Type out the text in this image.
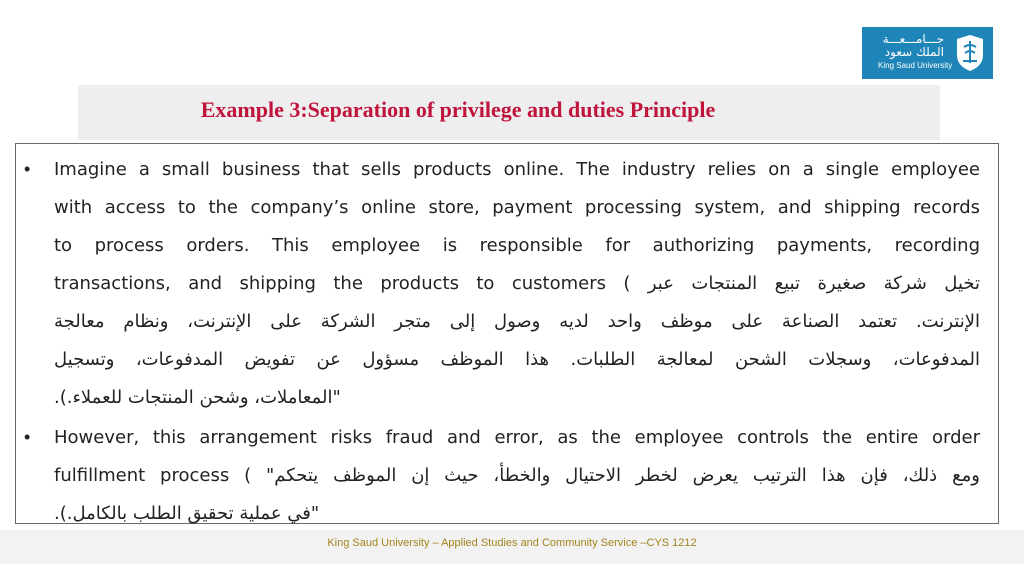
جـــامـــعـــة
الملك سعود
King Saud University
Example 3:Separation of privilege and duties Principle
• Imagine a small business that sells products online. The industry relies on a single employee
with access to the company’s online store, payment processing system, and shipping records
to process orders. This employee is responsible for authorizing payments, recording
transactions, and shipping the products to customers ( تخيل شركة صغيرة تبيع المنتجات عبر
الإنترنت. تعتمد الصناعة على موظف واحد لديه وصول إلى متجر الشركة على الإنترنت، ونظام معالجة
المدفوعات، وسجلات الشحن لمعالجة الطلبات. هذا الموظف مسؤول عن تفويض المدفوعات، وتسجيل
"المعاملات، وشحن المنتجات للعملاء.).
• However, this arrangement risks fraud and error, as the employee controls the entire order
fulfillment process ( "ومع ذلك، فإن هذا الترتيب يعرض لخطر الاحتيال والخطأ، حيث إن الموظف يتحكم
"في عملية تحقيق الطلب بالكامل.).
King Saud University – Applied Studies and Community Service –CYS 1212
